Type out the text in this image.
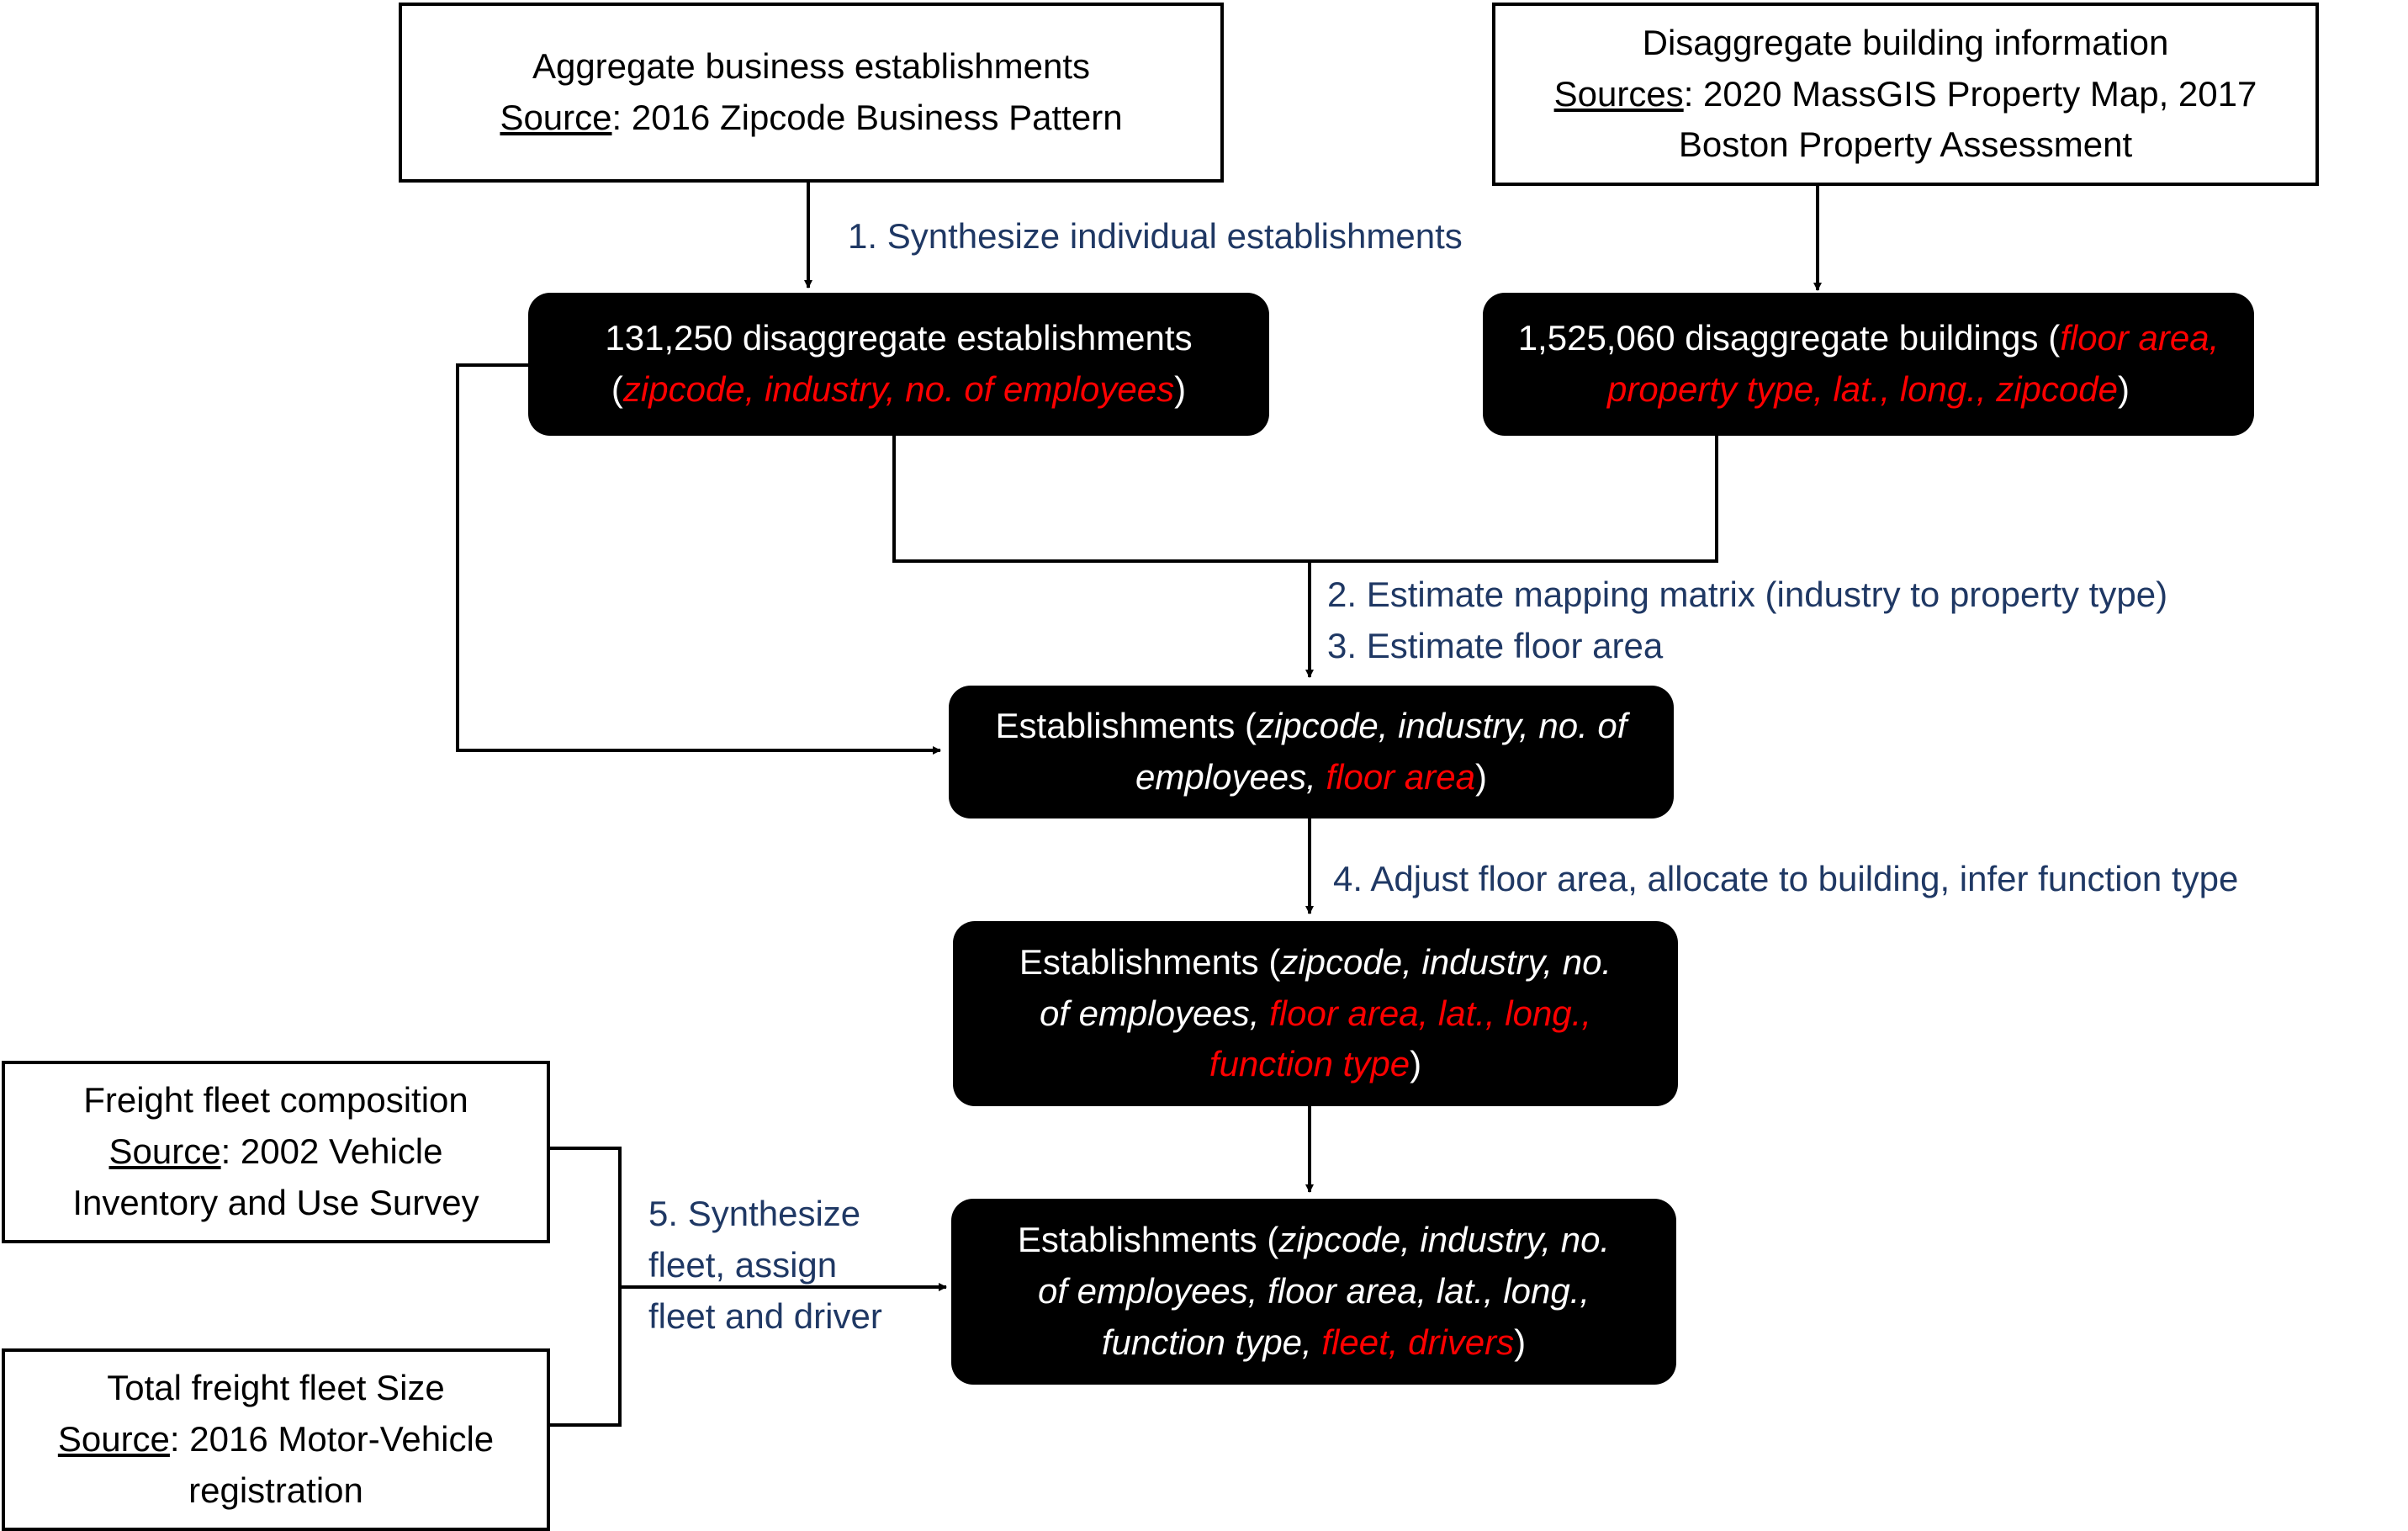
Aggregate business establishments
Source: 2016 Zipcode Business Pattern
Disaggregate building information
Sources: 2020 MassGIS Property Map, 2017
Boston Property Assessment
1. Synthesize individual establishments
131,250 disaggregate establishments
(zipcode, industry, no. of employees)
1,525,060 disaggregate buildings (floor area, property type, lat., long., zipcode)
2. Estimate mapping matrix (industry to property type)
3. Estimate floor area
Establishments (zipcode, industry, no. of employees, floor area)
4. Adjust floor area, allocate to building, infer function type
Establishments (zipcode, industry, no. of employees, floor area, lat., long., function type)
Freight fleet composition
Source: 2002 Vehicle
Inventory and Use Survey	5. Synthesize
fleet, assign
fleet and driver
Establishments (zipcode, industry, no. of employees, floor area, lat., long., function type, fleet, drivers)
Total freight fleet Size
Source: 2016 Motor-Vehicle
registration
